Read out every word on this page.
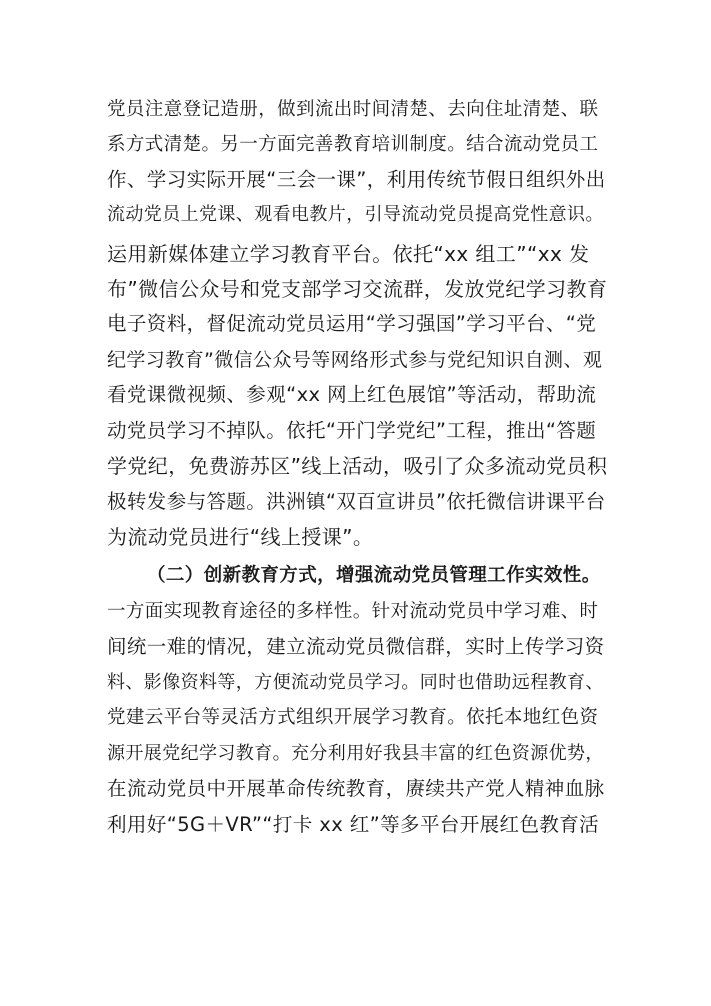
党员注意登记造册，做到流出时间清楚、去向住址清楚、联
系方式清楚。另一方面完善教育培训制度。结合流动党员工
作、学习实际开展“三会一课”，利用传统节假日组织外出
流动党员上党课、观看电教片，引导流动党员提高党性意识。
运用新媒体建立学习教育平台。依托“xx 组工”“xx 发
布”微信公众号和党支部学习交流群，发放党纪学习教育
电子资料，督促流动党员运用“学习强国”学习平台、“党
纪学习教育”微信公众号等网络形式参与党纪知识自测、观
看党课微视频、参观“xx 网上红色展馆”等活动，帮助流
动党员学习不掉队。依托“开门学党纪”工程，推出“答题
学党纪，免费游苏区”线上活动，吸引了众多流动党员积
极转发参与答题。洪洲镇“双百宣讲员”依托微信讲课平台
为流动党员进行“线上授课”。
（二）创新教育方式，增强流动党员管理工作实效性。
一方面实现教育途径的多样性。针对流动党员中学习难、时
间统一难的情况，建立流动党员微信群，实时上传学习资
料、影像资料等，方便流动党员学习。同时也借助远程教育、
党建云平台等灵活方式组织开展学习教育。依托本地红色资
源开展党纪学习教育。充分利用好我县丰富的红色资源优势，
在流动党员中开展革命传统教育，赓续共产党人精神血脉
利用好“5G＋VR”“打卡 xx 红”等多平台开展红色教育活
